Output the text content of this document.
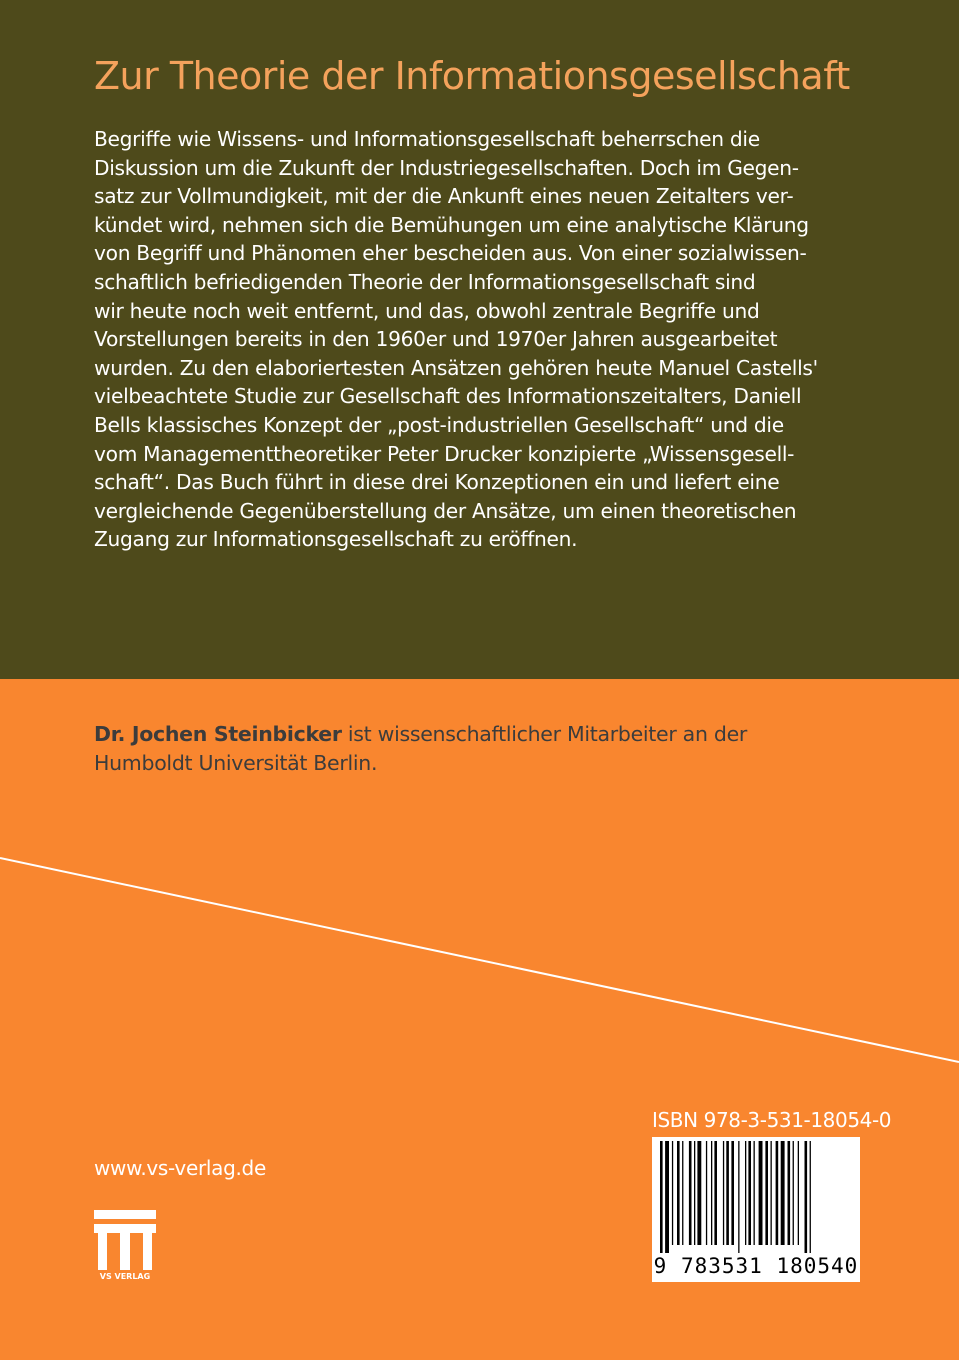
Zur Theorie der Informationsgesellschaft

Begriffe wie Wissens- und Informationsgesellschaft beherrschen die
Diskussion um die Zukunft der Industriegesellschaften. Doch im Gegen-
satz zur Vollmundigkeit, mit der die Ankunft eines neuen Zeitalters ver-
kündet wird, nehmen sich die Bemühungen um eine analytische Klärung
von Begriff und Phänomen eher bescheiden aus. Von einer sozialwissen-
schaftlich befriedigenden Theorie der Informationsgesellschaft sind
wir heute noch weit entfernt, und das, obwohl zentrale Begriffe und
Vorstellungen bereits in den 1960er und 1970er Jahren ausgearbeitet
wurden. Zu den elaboriertesten Ansätzen gehören heute Manuel Castells'
vielbeachtete Studie zur Gesellschaft des Informationszeitalters, Daniell
Bells klassisches Konzept der „post-industriellen Gesellschaft“ und die
vom Managementtheoretiker Peter Drucker konzipierte „Wissensgesell-
schaft“. Das Buch führt in diese drei Konzeptionen ein und liefert eine
vergleichende Gegenüberstellung der Ansätze, um einen theoretischen
Zugang zur Informationsgesellschaft zu eröffnen.

Dr. Jochen Steinbicker ist wissenschaftlicher Mitarbeiter an der
Humboldt Universität Berlin.

www.vs-verlag.de
VS VERLAG
ISBN 978-3-531-18054-0
9 783531 180540
